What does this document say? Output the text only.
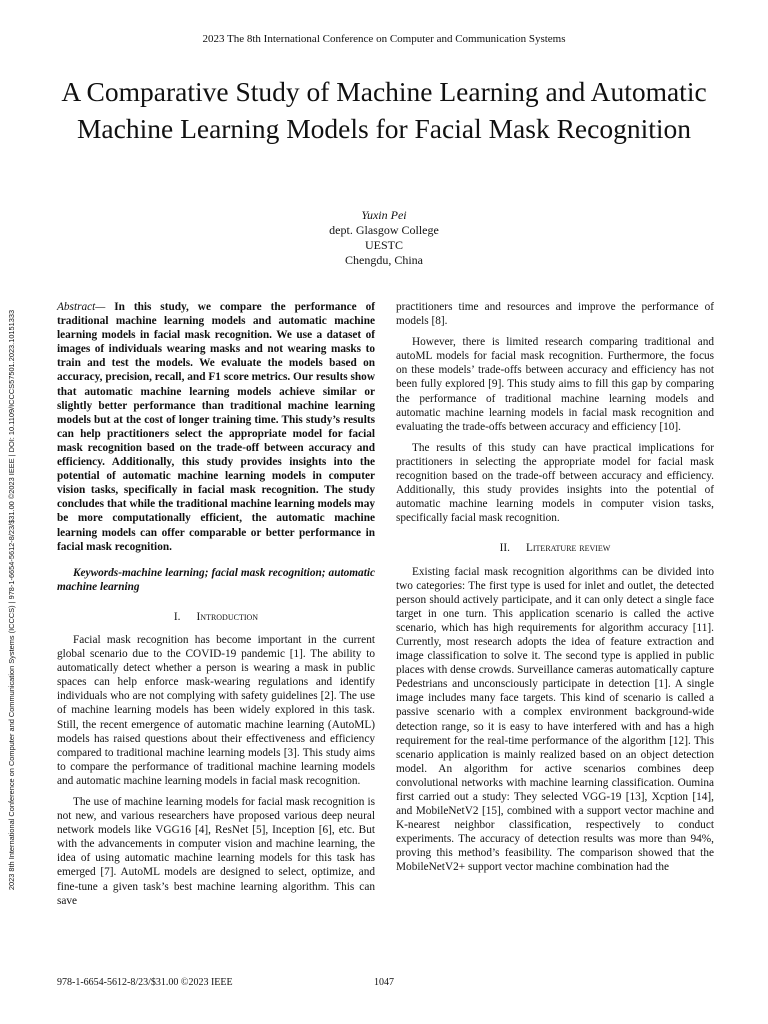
2023 The 8th International Conference on Computer and Communication Systems
A Comparative Study of Machine Learning and Automatic Machine Learning Models for Facial Mask Recognition
Yuxin Pei
dept. Glasgow College
UESTC
Chengdu, China
2023 8th International Conference on Computer and Communication Systems (ICCCS) | 978-1-6654-5612-8/23/$31.00 ©2023 IEEE | DOI: 10.1109/ICCCS57501.2023.10151333

Abstract— In this study, we compare the performance of traditional machine learning models and automatic machine learning models in facial mask recognition. We use a dataset of images of individuals wearing masks and not wearing masks to train and test the models. We evaluate the models based on accuracy, precision, recall, and F1 score metrics. Our results show that automatic machine learning models achieve similar or slightly better performance than traditional machine learning models but at the cost of longer training time. This study’s results can help practitioners select the appropriate model for facial mask recognition based on the trade-off between accuracy and efficiency. Additionally, this study provides insights into the potential of automatic machine learning models in computer vision tasks, specifically in facial mask recognition. The study concludes that while the traditional machine learning models may be more computationally efficient, the automatic machine learning models can offer comparable or better performance in facial mask recognition.

Keywords-machine learning; facial mask recognition; automatic machine learning

I. Introduction

Facial mask recognition has become important in the current global scenario due to the COVID-19 pandemic [1]. The ability to automatically detect whether a person is wearing a mask in public spaces can help enforce mask-wearing regulations and identify individuals who are not complying with safety guidelines [2]. The use of machine learning models has been widely explored in this task. Still, the recent emergence of automatic machine learning (AutoML) models has raised questions about their effectiveness and efficiency compared to traditional machine learning models [3]. This study aims to compare the performance of traditional machine learning models and automatic machine learning models in facial mask recognition.

The use of machine learning models for facial mask recognition is not new, and various researchers have proposed various deep neural network models like VGG16 [4], ResNet [5], Inception [6], etc. But with the advancements in computer vision and machine learning, the idea of using automatic machine learning models for this task has emerged [7]. AutoML models are designed to select, optimize, and fine-tune a given task’s best machine learning algorithm. This can save

practitioners time and resources and improve the performance of models [8].

However, there is limited research comparing traditional and autoML models for facial mask recognition. Furthermore, the focus on these models’ trade-offs between accuracy and efficiency has not been fully explored [9]. This study aims to fill this gap by comparing the performance of traditional machine learning models and automatic machine learning models in facial mask recognition and evaluating the trade-offs between accuracy and efficiency [10].

The results of this study can have practical implications for practitioners in selecting the appropriate model for facial mask recognition based on the trade-off between accuracy and efficiency. Additionally, this study provides insights into the potential of automatic machine learning models in computer vision tasks, specifically facial mask recognition.

II. Literature review

Existing facial mask recognition algorithms can be divided into two categories: The first type is used for inlet and outlet, the detected person should actively participate, and it can only detect a single face target in one turn. This application scenario is called the active scenario, which has high requirements for algorithm accuracy [11]. Currently, most research adopts the idea of feature extraction and image classification to solve it. The second type is applied in public places with dense crowds. Surveillance cameras automatically capture Pedestrians and unconsciously participate in detection [1]. A single image includes many face targets. This kind of scenario is called a passive scenario with a complex environment background-wide detection range, so it is easy to have interfered with and has a high requirement for the real-time performance of the algorithm [12]. This scenario application is mainly realized based on an object detection model. An algorithm for active scenarios combines deep convolutional networks with machine learning classification. Oumina first carried out a study: They selected VGG-19 [13], Xcption [14], and MobileNetV2 [15], combined with a support vector machine and K-nearest neighbor classification, respectively to conduct experiments. The accuracy of detection results was more than 94%, proving this method’s feasibility. The comparison showed that the MobileNetV2+ support vector machine combination had the

978-1-6654-5612-8/23/$31.00 ©2023 IEEE	1047
